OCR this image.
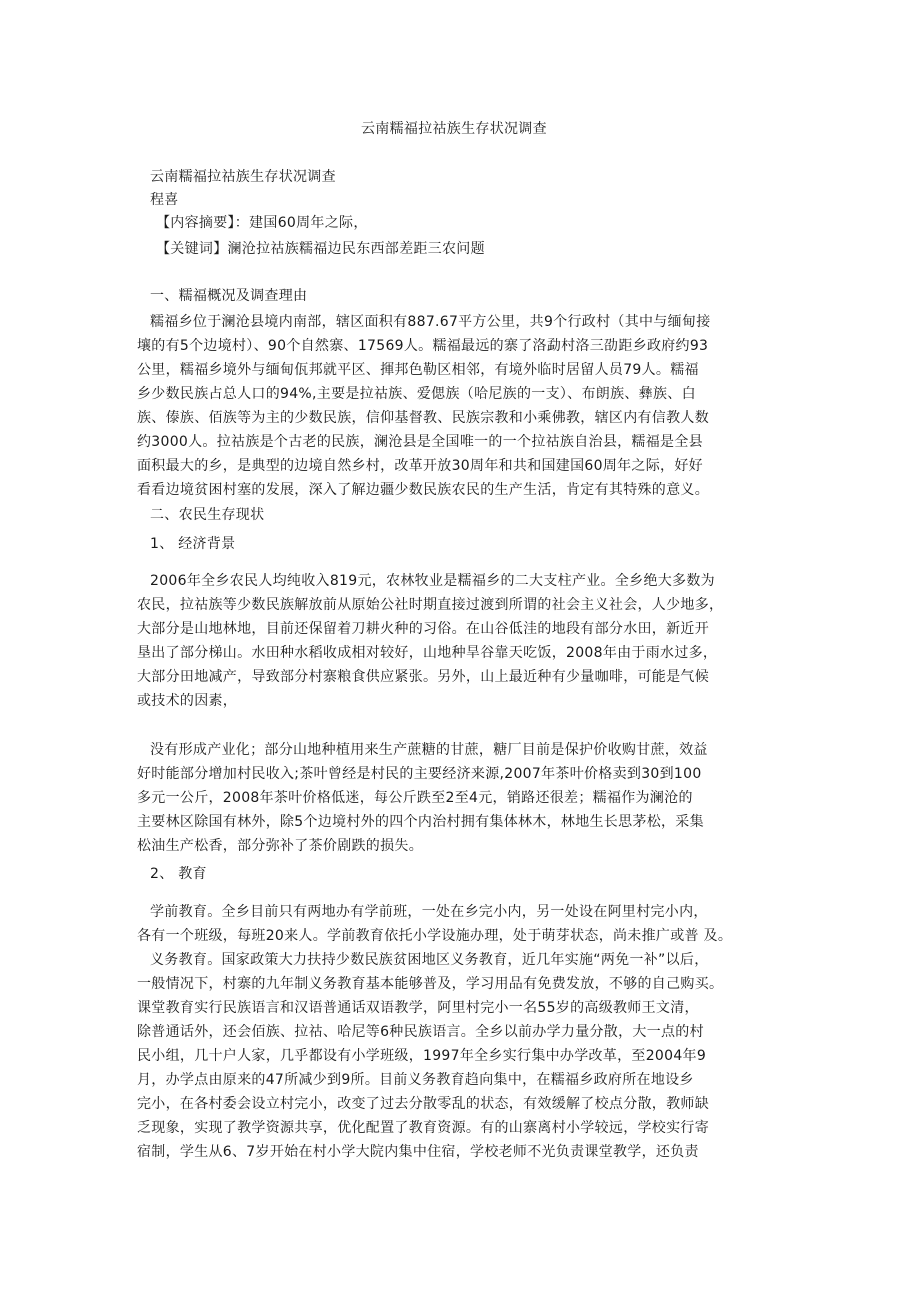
云南糯福拉祜族生存状况调查
云南糯福拉祜族生存状况调查
程喜
【内容摘要】：建国60周年之际，
【关键词】澜沧拉祜族糯福边民东西部差距三农问题
一、糯福概况及调查理由
糯福乡位于澜沧县境内南部，辖区面积有887.67平方公里，共9个行政村（其中与缅甸接
壤的有5个边境村）、90个自然寨、17569人。糯福最远的寨了洛勐村洛三劭距乡政府约93
公里，糯福乡境外与缅甸佤邦就平区、揮邦色勒区相邻，有境外临时居留人员79人。糯福
乡少数民族占总人口的94%,主要是拉祜族、爱偲族（哈尼族的一支）、布朗族、彝族、白
族、傣族、佰族等为主的少数民族，信仰基督教、民族宗教和小乘佛教，辖区内有信教人数
约3000人。拉祜族是个古老的民族，澜沧县是全国唯一的一个拉祜族自治县，糯福是全县
面积最大的乡，是典型的边境自然乡村，改革开放30周年和共和国建国60周年之际，好好
看看边境贫困村塞的发展，深入了解边疆少数民族农民的生产生活，肯定有其特殊的意义。
二、农民生存现状
1、 经济背景
2006年全乡农民人均纯收入819元，农林牧业是糯福乡的二大支柱产业。全乡绝大多数为
农民，拉祜族等少数民族解放前从原始公社时期直接过渡到所谓的社会主义社会，人少地多，
大部分是山地林地，目前还保留着刀耕火种的习俗。在山谷低洼的地段有部分水田，新近开
垦出了部分梯山。水田种水稻收成相对较好，山地种旱谷靠天吃饭，2008年由于雨水过多，
大部分田地减产，导致部分村寨粮食供应紧张。另外，山上最近种有少量咖啡，可能是气候
或技术的因素，
没有形成产业化；部分山地种植用来生产蔗糖的甘蔗，糖厂目前是保护价收购甘蔗，效益
好时能部分增加村民收入;茶叶曾经是村民的主要经济来源,2007年茶叶价格卖到30到100
多元一公斤，2008年茶叶价格低迷，每公斤跌至2至4元，销路还很差；糯福作为澜沧的
主要林区除国有林外，除5个边境村外的四个内治村拥有集体林木，林地生长思茅松，采集
松油生产松香，部分弥补了茶价剧跌的损失。
2、 教育
学前教育。全乡目前只有两地办有学前班，一处在乡完小内，另一处设在阿里村完小内，
各有一个班级，每班20来人。学前教育依托小学设施办理，处于萌芽状态，尚未推广或普 及。
义务教育。国家政策大力扶持少数民族贫困地区义务教育，近几年实施“两免一补”以后，
一般情况下，村寨的九年制义务教育基本能够普及，学习用品有免费发放，不够的自己购买。
课堂教育实行民族语言和汉语普通话双语教学，阿里村完小一名55岁的高级教师王文清，
除普通话外，还会佰族、拉祜、哈尼等6种民族语言。全乡以前办学力量分散，大一点的村
民小组，几十户人家，几乎都设有小学班级，1997年全乡实行集中办学改革，至2004年9
月，办学点由原来的47所减少到9所。目前义务教育趋向集中，在糯福乡政府所在地设乡
完小，在各村委会设立村完小，改变了过去分散零乱的状态，有效缓解了校点分散，教师缺
乏现象，实现了教学资源共享，优化配置了教育资源。有的山寨离村小学较远，学校实行寄
宿制，学生从6、7岁开始在村小学大院内集中住宿，学校老师不光负责课堂教学，还负责
